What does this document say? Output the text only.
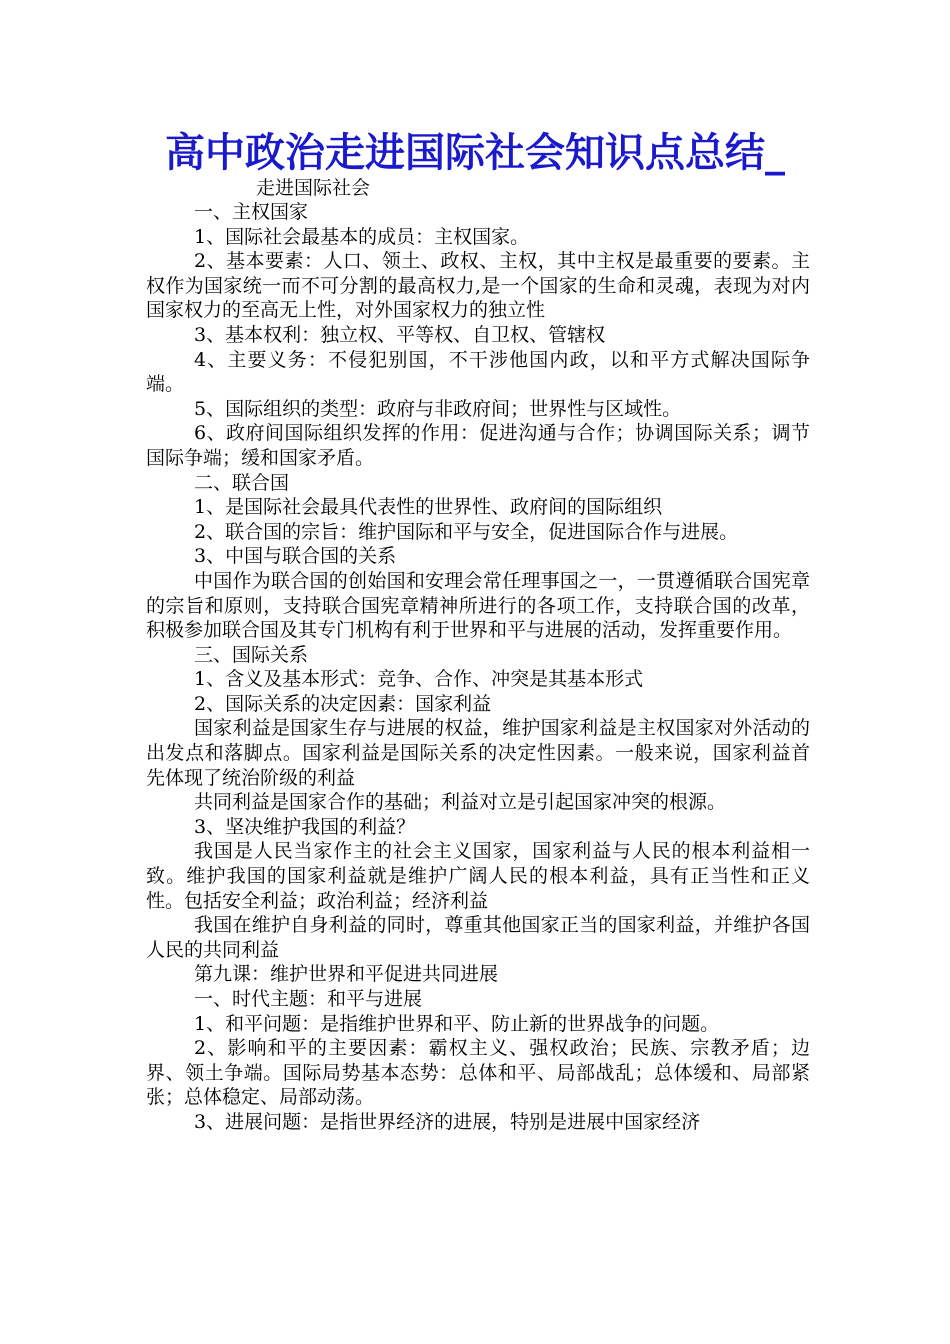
高中政治走进国际社会知识点总结_
走进国际社会

一、主权国家

1、国际社会最基本的成员：主权国家。

2、基本要素：人口、领土、政权、主权，其中主权是最重要的要素。主权作为国家统一而不可分割的最高权力,是一个国家的生命和灵魂，表现为对内国家权力的至高无上性，对外国家权力的独立性

3、基本权利：独立权、平等权、自卫权、管辖权

4、主要义务：不侵犯别国，不干涉他国内政，以和平方式解决国际争端。

5、国际组织的类型：政府与非政府间；世界性与区域性。

6、政府间国际组织发挥的作用：促进沟通与合作；协调国际关系；调节国际争端；缓和国家矛盾。

二、联合国

1、是国际社会最具代表性的世界性、政府间的国际组织

2、联合国的宗旨：维护国际和平与安全，促进国际合作与进展。

3、中国与联合国的关系

中国作为联合国的创始国和安理会常任理事国之一，一贯遵循联合国宪章的宗旨和原则，支持联合国宪章精神所进行的各项工作，支持联合国的改革，积极参加联合国及其专门机构有利于世界和平与进展的活动，发挥重要作用。

三、国际关系

1、含义及基本形式：竞争、合作、冲突是其基本形式

2、国际关系的决定因素：国家利益

国家利益是国家生存与进展的权益，维护国家利益是主权国家对外活动的出发点和落脚点。国家利益是国际关系的决定性因素。一般来说，国家利益首先体现了统治阶级的利益

共同利益是国家合作的基础；利益对立是引起国家冲突的根源。

3、坚决维护我国的利益？

我国是人民当家作主的社会主义国家，国家利益与人民的根本利益相一致。维护我国的国家利益就是维护广阔人民的根本利益，具有正当性和正义性。包括安全利益；政治利益；经济利益

我国在维护自身利益的同时，尊重其他国家正当的国家利益，并维护各国人民的共同利益

第九课：维护世界和平促进共同进展

一、时代主题：和平与进展

1、和平问题：是指维护世界和平、防止新的世界战争的问题。

2、影响和平的主要因素：霸权主义、强权政治；民族、宗教矛盾；边界、领土争端。国际局势基本态势：总体和平、局部战乱；总体缓和、局部紧张；总体稳定、局部动荡。

3、进展问题：是指世界经济的进展，特别是进展中国家经济
